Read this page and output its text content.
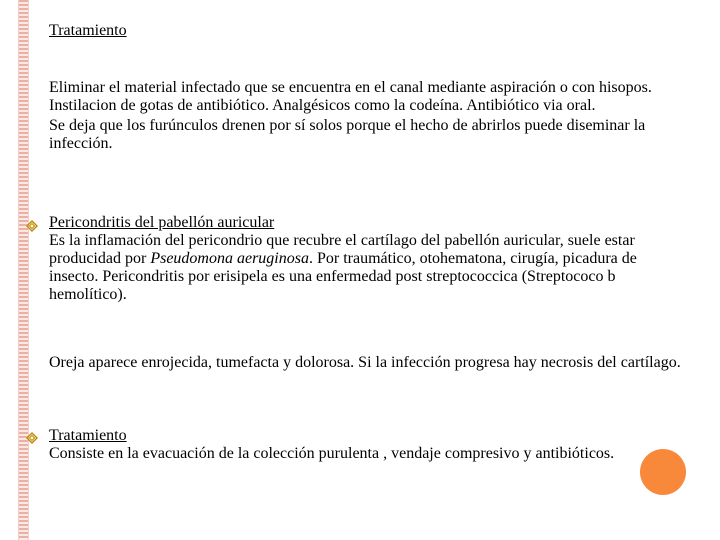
Tratamiento

Eliminar el material infectado que se encuentra en el canal mediante aspiración o con hisopos. Instilacion de gotas de antibiótico. Analgésicos como la codeína. Antibiótico via oral.

Se deja que los furúnculos drenen por sí solos porque el hecho de abrirlos puede diseminar la infección.

Pericondritis del pabellón auricular

Es la inflamación del pericondrio que recubre el cartílago del pabellón auricular, suele estar producidad por Pseudomona aeruginosa. Por traumático, otohematona, cirugía, picadura de insecto. Pericondritis por erisipela es una enfermedad post streptococcica (Streptococo b hemolítico).

Oreja aparece enrojecida, tumefacta y dolorosa. Si la infección progresa hay necrosis del cartílago.

Tratamiento

Consiste en la evacuación de la colección purulenta , vendaje compresivo y antibióticos.
